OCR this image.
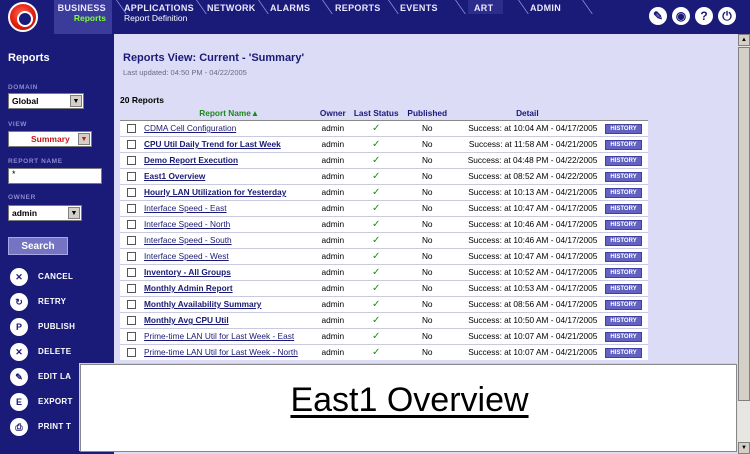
BUSINESS
Reports
APPLICATIONS
Report Definition
NETWORK ALARMS	REPORTS EVENTS	ART	ADMIN
✎	◉	?	⏻
Reports
DOMAIN
Global	▼
VIEW
Summary	▼
REPORT NAME
*
OWNER
admin	▼
Search
✕	CANCEL
↻	RETRY
P	PUBLISH
✕	DELETE
✎	EDIT LA
E	EXPORT
⎙	PRINT T
Reports View: Current - 'Summary'
Last updated: 04:50 PM - 04/22/2005
20 Reports
	Report Name▲	Owner	Last Status	Published	Detail	
	CDMA Cell Configuration	admin	✓	No	Success: at 10:04 AM - 04/17/2005	HISTORY
	CPU Util Daily Trend for Last Week	admin	✓	No	Success: at 11:58 AM - 04/21/2005	HISTORY
	Demo Report Execution	admin	✓	No	Success: at 04:48 PM - 04/22/2005	HISTORY
	East1 Overview	admin	✓	No	Success: at 08:52 AM - 04/22/2005	HISTORY
	Hourly LAN Utilization for Yesterday	admin	✓	No	Success: at 10:13 AM - 04/21/2005	HISTORY
	Interface Speed - East	admin	✓	No	Success: at 10:47 AM - 04/17/2005	HISTORY
	Interface Speed - North	admin	✓	No	Success: at 10:46 AM - 04/17/2005	HISTORY
	Interface Speed - South	admin	✓	No	Success: at 10:46 AM - 04/17/2005	HISTORY
	Interface Speed - West	admin	✓	No	Success: at 10:47 AM - 04/17/2005	HISTORY
	Inventory - All Groups	admin	✓	No	Success: at 10:52 AM - 04/17/2005	HISTORY
	Monthly Admin Report	admin	✓	No	Success: at 10:53 AM - 04/17/2005	HISTORY
	Monthly Availability Summary	admin	✓	No	Success: at 08:56 AM - 04/17/2005	HISTORY
	Monthly Avg CPU Util	admin	✓	No	Success: at 10:50 AM - 04/17/2005	HISTORY
	Prime-time LAN Util for Last Week - East	admin	✓	No	Success: at 10:07 AM - 04/21/2005	HISTORY
	Prime-time LAN Util for Last Week - North	admin	✓	No	Success: at 10:07 AM - 04/21/2005	HISTORY
▲
▼
East1 Overview
